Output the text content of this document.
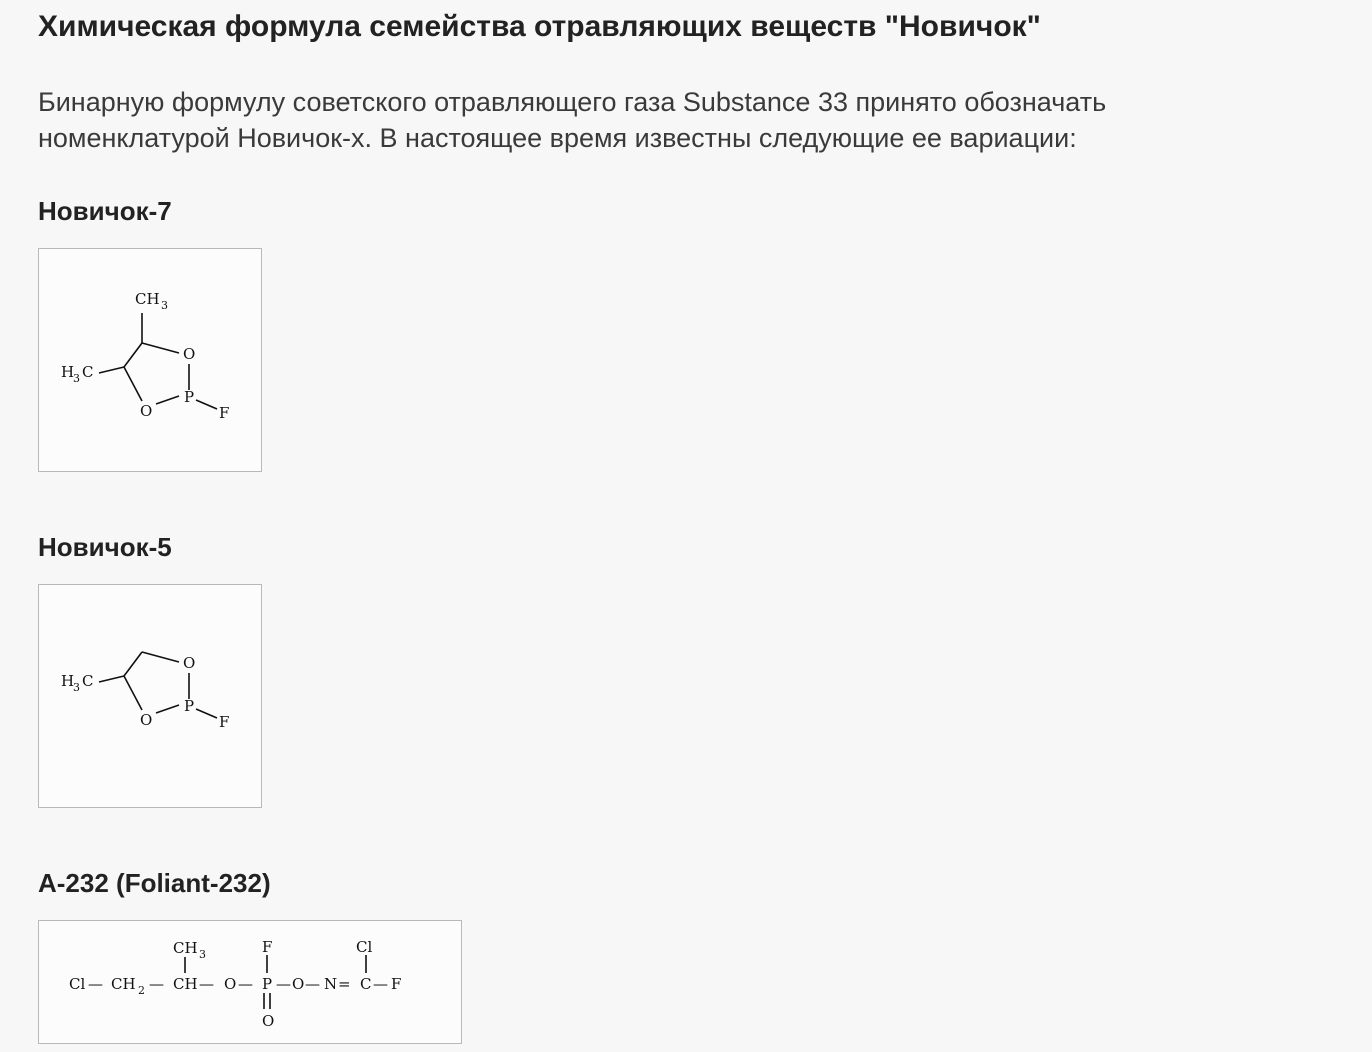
Химическая формула семейства отравляющих веществ "Новичок"

Бинарную формулу советского отравляющего газа Substance 33 принято обозначать
номенклатурой Новичок-х. В настоящее время известны следующие ее вариации:

Новичок-7
CH 3
H
3 C
O
O
P
F
Новичок-5
H
3 C
O
O
P
F
A-232 (Foliant-232)
Cl — CH 2 — CH — O — P — O — N = C — F
CH 3	F	Cl
O
